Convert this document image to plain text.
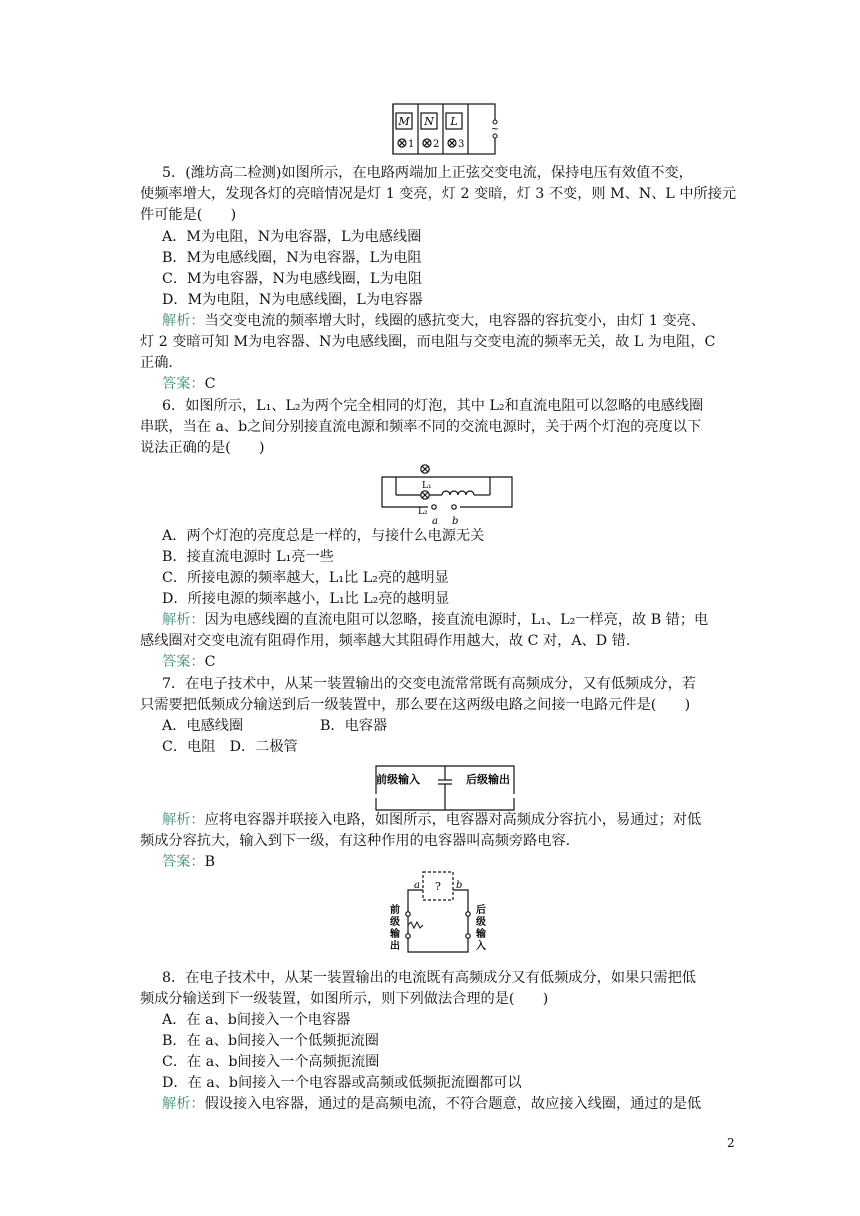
~
M N L
1 2 3
5．(潍坊高二检测)如图所示，在电路两端加上正弦交变电流，保持电压有效值不变，
使频率增大，发现各灯的亮暗情况是灯 1 变亮，灯 2 变暗，灯 3 不变，则 M、N、L 中所接元
件可能是(　　)
A．M为电阻，N为电容器，L为电感线圈
B．M为电感线圈，N为电容器，L为电阻
C．M为电容器，N为电感线圈，L为电阻
D．M为电阻，N为电感线圈，L为电容器
解析：当交变电流的频率增大时，线圈的感抗变大，电容器的容抗变小，由灯 1 变亮、
灯 2 变暗可知 M为电容器、N为电感线圈，而电阻与交变电流的频率无关，故 L 为电阻，C
正确.
答案：C
6．如图所示，L₁、L₂为两个完全相同的灯泡，其中 L₂和直流电阻可以忽略的电感线圈
串联，当在 a、b之间分别接直流电源和频率不同的交流电源时，关于两个灯泡的亮度以下
说法正确的是(　　)
L₁
L₂
a b
A．两个灯泡的亮度总是一样的，与接什么电源无关
B．接直流电源时 L₁亮一些
C．所接电源的频率越大，L₁比 L₂亮的越明显
D．所接电源的频率越小，L₁比 L₂亮的越明显
解析：因为电感线圈的直流电阻可以忽略，接直流电源时，L₁、L₂一样亮，故 B 错；电
感线圈对交变电流有阻碍作用，频率越大其阻碍作用越大，故 C 对，A、D 错.
答案：C
7．在电子技术中，从某一装置输出的交变电流常常既有高频成分，又有低频成分，若
只需要把低频成分输送到后一级装置中，那么要在这两级电路之间接一电路元件是(　　)
A．电感线圈	B．电容器
C．电阻　D．二极管
前级输入	后级输出
解析：应将电容器并联接入电路，如图所示，电容器对高频成分容抗小，易通过；对低
频成分容抗大，输入到下一级，有这种作用的电容器叫高频旁路电容.
答案：B
?
a	b
前
级
输
出
后
级
输
入
8．在电子技术中，从某一装置输出的电流既有高频成分又有低频成分，如果只需把低
频成分输送到下一级装置，如图所示，则下列做法合理的是(　　)
A．在 a、b间接入一个电容器
B．在 a、b间接入一个低频扼流圈
C．在 a、b间接入一个高频扼流圈
D．在 a、b间接入一个电容器或高频或低频扼流圈都可以
解析：假设接入电容器，通过的是高频电流，不符合题意，故应接入线圈，通过的是低
2
